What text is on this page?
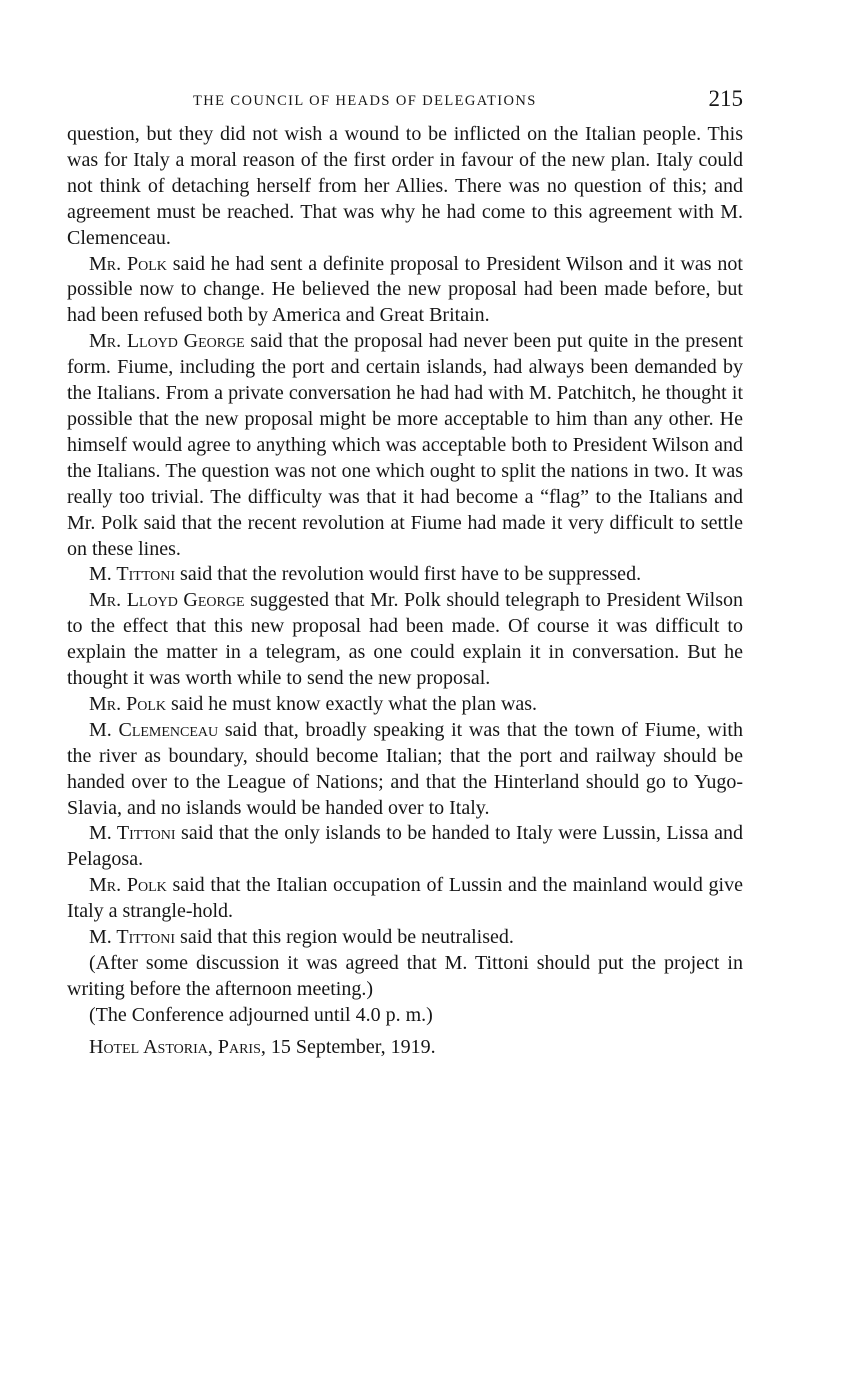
THE COUNCIL OF HEADS OF DELEGATIONS	215

question, but they did not wish a wound to be inflicted on the Italian people. This was for Italy a moral reason of the first order in favour of the new plan. Italy could not think of detaching herself from her Allies. There was no question of this; and agreement must be reached. That was why he had come to this agreement with M. Clemenceau.

Mr. Polk said he had sent a definite proposal to President Wilson and it was not possible now to change. He believed the new proposal had been made before, but had been refused both by America and Great Britain.

Mr. Lloyd George said that the proposal had never been put quite in the present form. Fiume, including the port and certain islands, had always been demanded by the Italians. From a private conversation he had had with M. Patchitch, he thought it possible that the new proposal might be more acceptable to him than any other. He himself would agree to anything which was acceptable both to President Wilson and the Italians. The question was not one which ought to split the nations in two. It was really too trivial. The difficulty was that it had become a “flag” to the Italians and Mr. Polk said that the recent revolution at Fiume had made it very difficult to settle on these lines.

M. Tittoni said that the revolution would first have to be suppressed.

Mr. Lloyd George suggested that Mr. Polk should telegraph to President Wilson to the effect that this new proposal had been made. Of course it was difficult to explain the matter in a telegram, as one could explain it in conversation. But he thought it was worth while to send the new proposal.

Mr. Polk said he must know exactly what the plan was.

M. Clemenceau said that, broadly speaking it was that the town of Fiume, with the river as boundary, should become Italian; that the port and railway should be handed over to the League of Nations; and that the Hinterland should go to Yugo-Slavia, and no islands would be handed over to Italy.

M. Tittoni said that the only islands to be handed to Italy were Lussin, Lissa and Pelagosa.

Mr. Polk said that the Italian occupation of Lussin and the mainland would give Italy a strangle-hold.

M. Tittoni said that this region would be neutralised.

(After some discussion it was agreed that M. Tittoni should put the project in writing before the afternoon meeting.)

(The Conference adjourned until 4.0 p. m.)

Hotel Astoria, Paris, 15 September, 1919.
